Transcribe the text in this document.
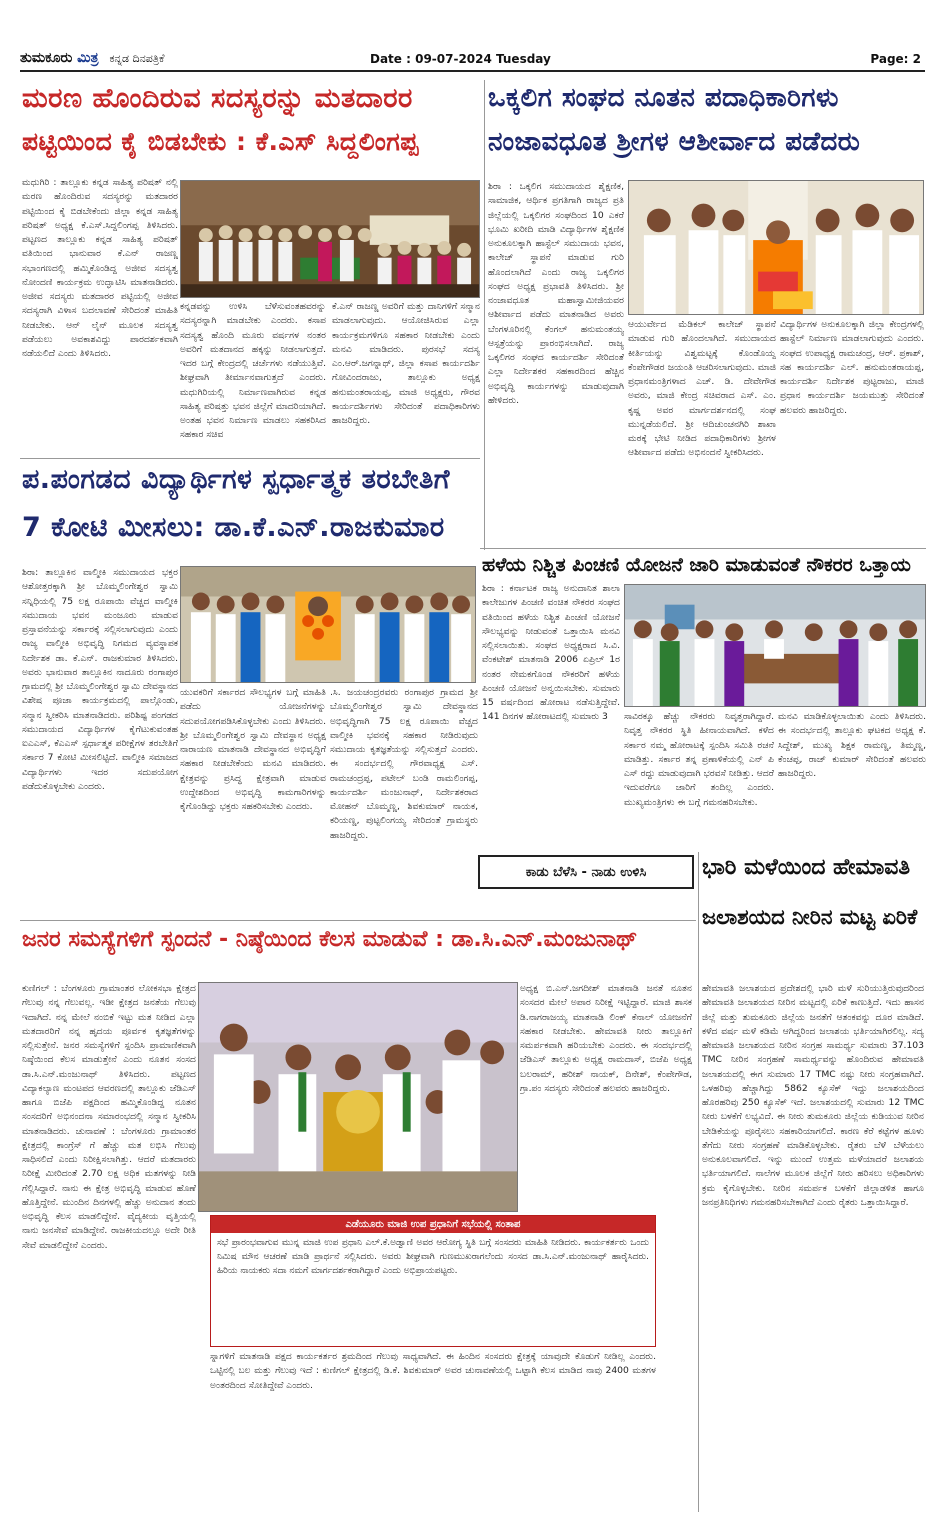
ತುಮಕೂರು ಮಿತ್ರ ಕನ್ನಡ ದಿನಪತ್ರಿಕೆ	Date : 09-07-2024 Tuesday	Page: 2
ಮರಣ ಹೊಂದಿರುವ ಸದಸ್ಯರನ್ನು ಮತದಾರರ
ಪಟ್ಟಿಯಿಂದ ಕೈ ಬಿಡಬೇಕು : ಕೆ.ಎಸ್ ಸಿದ್ದಲಿಂಗಪ್ಪ
ಮಧುಗಿರಿ : ತಾಲ್ಲೂಕು ಕನ್ನಡ ಸಾಹಿತ್ಯ ಪರಿಷತ್ ನಲ್ಲಿ ಮರಣ ಹೊಂದಿರುವ ಸದಸ್ಯರನ್ನು ಮತದಾರರ ಪಟ್ಟಿಯಿಂದ ಕೈ ಬಿಡಬೇಕೆಂದು ಜಿಲ್ಲಾ ಕನ್ನಡ ಸಾಹಿತ್ಯ ಪರಿಷತ್ ಅಧ್ಯಕ್ಷ ಕೆ.ಎಸ್.ಸಿದ್ದಲಿಂಗಪ್ಪ ತಿಳಿಸಿದರು. ಪಟ್ಟಣದ ತಾಲ್ಲೂಕು ಕನ್ನಡ ಸಾಹಿತ್ಯ ಪರಿಷತ್ ವತಿಯಿಂದ ಭಾನುವಾರ ಕೆ.ಎನ್ ರಾಜಣ್ಣ ಸಭಾಂಗಣದಲ್ಲಿ ಹಮ್ಮಿಕೊಂಡಿದ್ದ ಅಜೀವ ಸದಸ್ಯತ್ವ ನೋಂದಣಿ ಕಾರ್ಯಕ್ರಮ ಉದ್ಘಾಟಿಸಿ ಮಾತನಾಡಿದರು. ಅಜೀವ ಸದಸ್ಯರು ಮತದಾರರ ಪಟ್ಟಿಯಲ್ಲಿ ಅಜೀವ ಸದಸ್ಯರಾಗಿ ವಿಳಾಸ ಬದಲಾವಣೆ ಸೇರಿದಂತೆ ಮಾಹಿತಿ ನೀಡಬೇಕು. ಆನ್ ಲೈನ್ ಮೂಲಕ ಸದಸ್ಯತ್ವ ಪಡೆಯಲು ಅವಕಾಶವಿದ್ದು ಪಾರದರ್ಶಕವಾಗಿ ನಡೆಯಲಿದೆ ಎಂದು ತಿಳಿಸಿದರು.
ಕನ್ನಡವನ್ನು ಉಳಿಸಿ ಬೆಳೆಸುವಂತಹವರನ್ನು ಸದಸ್ಯರನ್ನಾಗಿ ಮಾಡಬೇಕು ಎಂದರು. ಕಸಾಪ ಸದಸ್ಯತ್ವ ಹೊಂದಿ ಮೂರು ವರ್ಷಗಳ ನಂತರ ಅವರಿಗೆ ಮತದಾನದ ಹಕ್ಕನ್ನು ನೀಡಲಾಗುತ್ತದೆ. ಇದರ ಬಗ್ಗೆ ಕೇಂದ್ರದಲ್ಲಿ ಚರ್ಚೆಗಳು ನಡೆಯುತ್ತಿವೆ. ಶೀಘ್ರವಾಗಿ ತೀರ್ಮಾನವಾಗುತ್ತದೆ ಎಂದರು. ಮಧುಗಿರಿಯಲ್ಲಿ ನಿರ್ಮಾಣವಾಗಿರುವ ಕನ್ನಡ ಸಾಹಿತ್ಯ ಪರಿಷತ್ತು ಭವನ ಜಿಲ್ಲೆಗೆ ಮಾದರಿಯಾಗಿದೆ. ಅಂತಹ ಭವನ ನಿರ್ಮಾಣ ಮಾಡಲು ಸಹಕರಿಸಿದ ಸಹಕಾರ ಸಚಿವ
ಕೆ.ಎನ್ ರಾಜಣ್ಣ ಅವರಿಗೆ ಮತ್ತು ದಾನಿಗಳಿಗೆ ಸನ್ಮಾನ ಮಾಡಲಾಗುವುದು. ಆಯೋಜಿಸಿರುವ ಎಲ್ಲಾ ಕಾರ್ಯಕ್ರಮಗಳಿಗೂ ಸಹಕಾರ ನೀಡಬೇಕು ಎಂದು ಮನವಿ ಮಾಡಿದರು. ಪುರಸಭೆ ಸದಸ್ಯ ಎಂ.ಆರ್.ಜಗನ್ನಾಥ್, ಜಿಲ್ಲಾ ಕಸಾಪ ಕಾರ್ಯದರ್ಶಿ ಗೋವಿಂದರಾಜು, ತಾಲ್ಲೂಕು ಅಧ್ಯಕ್ಷ ಹನುಮಂತರಾಯಪ್ಪ, ಮಾಜಿ ಅಧ್ಯಕ್ಷರು, ಗೌರವ ಕಾರ್ಯದರ್ಶಿಗಳು ಸೇರಿದಂತೆ ಪದಾಧಿಕಾರಿಗಳು ಹಾಜರಿದ್ದರು.
ಒಕ್ಕಲಿಗ ಸಂಘದ ನೂತನ ಪದಾಧಿಕಾರಿಗಳು
ನಂಜಾವಧೂತ ಶ್ರೀಗಳ ಆಶೀರ್ವಾದ ಪಡೆದರು
ಶಿರಾ : ಒಕ್ಕಲಿಗ ಸಮುದಾಯದ ಶೈಕ್ಷಣಿಕ, ಸಾಮಾಜಿಕ, ಆರ್ಥಿಕ ಪ್ರಗತಿಗಾಗಿ ರಾಜ್ಯದ ಪ್ರತಿ ಜಿಲ್ಲೆಯಲ್ಲಿ ಒಕ್ಕಲಿಗರ ಸಂಘದಿಂದ 10 ಎಕರೆ ಭೂಮಿ ಖರೀದಿ ಮಾಡಿ ವಿದ್ಯಾರ್ಥಿಗಳ ಶೈಕ್ಷಣಿಕ ಅನುಕೂಲಕ್ಕಾಗಿ ಹಾಸ್ಟೆಲ್ ಸಮುದಾಯ ಭವನ, ಕಾಲೇಜ್ ಸ್ಥಾಪನೆ ಮಾಡುವ ಗುರಿ ಹೊಂದಲಾಗಿದೆ ಎಂದು ರಾಜ್ಯ ಒಕ್ಕಲಿಗರ ಸಂಘದ ಅಧ್ಯಕ್ಷ ಪ್ರಭಾವತಿ ತಿಳಿಸಿದರು. ಶ್ರೀ ನಂಜಾವಧೂತ ಮಹಾಸ್ವಾಮೀಜಿಯವರ ಆಶೀರ್ವಾದ ಪಡೆದು ಮಾತನಾಡಿದ ಅವರು ಬೆಂಗಳೂರಿನಲ್ಲಿ ಕೆಂಗಲ್ ಹನುಮಂತಯ್ಯ ಆಸ್ಪತ್ರೆಯನ್ನು ಪ್ರಾರಂಭಿಸಲಾಗಿದೆ. ರಾಜ್ಯ ಒಕ್ಕಲಿಗರ ಸಂಘದ ಕಾರ್ಯದರ್ಶಿ ಸೇರಿದಂತೆ ಎಲ್ಲಾ ನಿರ್ದೇಶಕರ ಸಹಕಾರದಿಂದ ಹೆಚ್ಚಿನ ಅಭಿವೃದ್ಧಿ ಕಾರ್ಯಗಳನ್ನು ಮಾಡುವುದಾಗಿ ಹೇಳಿದರು.
ಆಯುರ್ವೇದ ಮೆಡಿಕಲ್ ಕಾಲೇಜ್ ಸ್ಥಾಪನೆ ಮಾಡುವ ಗುರಿ ಹೊಂದಲಾಗಿದೆ. ಸಮುದಾಯದ ಕೀರ್ತಿಯನ್ನು ವಿಶ್ವಮಟ್ಟಕ್ಕೆ ಕೊಂಡೊಯ್ದ ಕೆಂಪೇಗೌಡರ ಜಯಂತಿ ಆಚರಿಸಲಾಗುವುದು. ಮಾಜಿ ಪ್ರಧಾನಮಂತ್ರಿಗಳಾದ ಎಚ್. ಡಿ. ದೇವೇಗೌಡ ಅವರು, ಮಾಜಿ ಕೇಂದ್ರ ಸಚಿವರಾದ ಎಸ್. ಎಂ. ಕೃಷ್ಣ ಅವರ ಮಾರ್ಗದರ್ಶನದಲ್ಲಿ ಸಂಘ ಮುನ್ನಡೆಯಲಿದೆ. ಶ್ರೀ ಆದಿಚುಂಚನಗಿರಿ ಶಾಖಾ ಮಠಕ್ಕೆ ಭೇಟಿ ನೀಡಿದ ಪದಾಧಿಕಾರಿಗಳು ಶ್ರೀಗಳ ಆಶೀರ್ವಾದ ಪಡೆದು ಅಭಿನಂದನೆ ಸ್ವೀಕರಿಸಿದರು.
ವಿದ್ಯಾರ್ಥಿಗಳ ಅನುಕೂಲಕ್ಕಾಗಿ ಜಿಲ್ಲಾ ಕೇಂದ್ರಗಳಲ್ಲಿ ಹಾಸ್ಟೆಲ್ ನಿರ್ಮಾಣ ಮಾಡಲಾಗುವುದು ಎಂದರು. ಸಂಘದ ಉಪಾಧ್ಯಕ್ಷ ರಾಮಚಂದ್ರ, ಆರ್. ಪ್ರಕಾಶ್, ಸಹ ಕಾರ್ಯದರ್ಶಿ ಎಲ್. ಹನುಮಂತರಾಯಪ್ಪ, ಕಾರ್ಯದರ್ಶಿ ನಿರ್ದೇಶಕ ಪುಟ್ಟರಾಜು, ಮಾಜಿ ಪ್ರಧಾನ ಕಾರ್ಯದರ್ಶಿ ಜಯಮುತ್ತು ಸೇರಿದಂತೆ ಹಲವರು ಹಾಜರಿದ್ದರು.
ಪ.ಪಂಗಡದ ವಿದ್ಯಾರ್ಥಿಗಳ ಸ್ಪರ್ಧಾತ್ಮಕ ತರಬೇತಿಗೆ
7 ಕೋಟಿ ಮೀಸಲು: ಡಾ.ಕೆ.ಎನ್.ರಾಜಕುಮಾರ
ಶಿರಾ: ತಾಲ್ಲೂಕಿನ ವಾಲ್ಮೀಕಿ ಸಮುದಾಯದ ಭಕ್ತರ ಆಶೋತ್ತರಕ್ಕಾಗಿ ಶ್ರೀ ಬೊಮ್ಮಲಿಂಗೇಶ್ವರ ಸ್ವಾಮಿ ಸನ್ನಿಧಿಯಲ್ಲಿ 75 ಲಕ್ಷ ರೂಪಾಯಿ ವೆಚ್ಚದ ವಾಲ್ಮೀಕಿ ಸಮುದಾಯ ಭವನ ಮಂಜೂರು ಮಾಡುವ ಪ್ರಸ್ತಾವನೆಯನ್ನು ಸರ್ಕಾರಕ್ಕೆ ಸಲ್ಲಿಸಲಾಗುವುದು ಎಂದು ರಾಜ್ಯ ವಾಲ್ಮೀಕಿ ಅಭಿವೃದ್ಧಿ ನಿಗಮದ ವ್ಯವಸ್ಥಾಪಕ ನಿರ್ದೇಶಕ ಡಾ. ಕೆ.ಎನ್. ರಾಜಕುಮಾರ ತಿಳಿಸಿದರು. ಅವರು ಭಾನುವಾರ ತಾಲ್ಲೂಕಿನ ನಾದೂರು ರಂಗಾಪುರ ಗ್ರಾಮದಲ್ಲಿ ಶ್ರೀ ಬೊಮ್ಮಲಿಂಗೇಶ್ವರ ಸ್ವಾಮಿ ದೇವಸ್ಥಾನದ ವಿಶೇಷ ಪೂಜಾ ಕಾರ್ಯಕ್ರಮದಲ್ಲಿ ಪಾಲ್ಗೊಂಡು, ಸನ್ಮಾನ ಸ್ವೀಕರಿಸಿ ಮಾತನಾಡಿದರು. ಪರಿಶಿಷ್ಟ ಪಂಗಡದ ಸಮುದಾಯದ ವಿದ್ಯಾರ್ಥಿಗಳ ಕೈಗೆಟುಕುವಂತಹ ಐಎಎಸ್, ಕೆಎಎಸ್ ಸ್ಪರ್ಧಾತ್ಮಕ ಪರೀಕ್ಷೆಗಳ ತರಬೇತಿಗೆ ಸರ್ಕಾರ 7 ಕೋಟಿ ಮೀಸಲಿಟ್ಟಿದೆ. ವಾಲ್ಮೀಕಿ ಸಮಾಜದ ವಿದ್ಯಾರ್ಥಿಗಳು ಇದರ ಸದುಪಯೋಗ ಪಡೆದುಕೊಳ್ಳಬೇಕು ಎಂದರು.
ಯುವಕರಿಗೆ ಸರ್ಕಾರದ ಸೌಲಭ್ಯಗಳ ಬಗ್ಗೆ ಮಾಹಿತಿ ಪಡೆದು ಯೋಜನೆಗಳನ್ನು ಸದುಪಯೋಗಪಡಿಸಿಕೊಳ್ಳಬೇಕು ಎಂದು ತಿಳಿಸಿದರು. ಶ್ರೀ ಬೊಮ್ಮಲಿಂಗೇಶ್ವರ ಸ್ವಾಮಿ ದೇವಸ್ಥಾನ ಅಧ್ಯಕ್ಷ ನಾರಾಯಣ ಮಾತನಾಡಿ ದೇವಸ್ಥಾನದ ಅಭಿವೃದ್ಧಿಗೆ ಸಹಕಾರ ನೀಡಬೇಕೆಂದು ಮನವಿ ಮಾಡಿದರು. ಕ್ಷೇತ್ರವನ್ನು ಪ್ರಸಿದ್ಧ ಕ್ಷೇತ್ರವಾಗಿ ಮಾಡುವ ಉದ್ದೇಶದಿಂದ ಅಭಿವೃದ್ಧಿ ಕಾಮಗಾರಿಗಳನ್ನು ಕೈಗೊಂಡಿದ್ದು ಭಕ್ತರು ಸಹಕರಿಸಬೇಕು ಎಂದರು.
.ಸಿ. ಜಯಚಂದ್ರರವರು ರಂಗಾಪುರ ಗ್ರಾಮದ ಶ್ರೀ ಬೊಮ್ಮಲಿಂಗೇಶ್ವರ ಸ್ವಾಮಿ ದೇವಸ್ಥಾನದ ಅಭಿವೃದ್ಧಿಗಾಗಿ 75 ಲಕ್ಷ ರೂಪಾಯಿ ವೆಚ್ಚದ ವಾಲ್ಮೀಕಿ ಭವನಕ್ಕೆ ಸಹಕಾರ ನೀಡಿರುವುದು ಸಮುದಾಯ ಕೃತಜ್ಞತೆಯನ್ನು ಸಲ್ಲಿಸುತ್ತದೆ ಎಂದರು. ಈ ಸಂದರ್ಭದಲ್ಲಿ ಗೌರವಾಧ್ಯಕ್ಷ ಎಸ್. ರಾಮಚಂದ್ರಪ್ಪ, ಪಟೇಲ್ ಬಂಡಿ ರಾಮಲಿಂಗಪ್ಪ, ಕಾರ್ಯದರ್ಶಿ ಮಂಜುನಾಥ್, ನಿರ್ದೇಶಕರಾದ ಮೋಹನ್ ಬೊಮ್ಮಣ್ಣ, ಶಿವಕುಮಾರ್ ನಾಯಕ, ಕರಿಯಣ್ಣ, ಪುಟ್ಟಲಿಂಗಯ್ಯ ಸೇರಿದಂತೆ ಗ್ರಾಮಸ್ಥರು ಹಾಜರಿದ್ದರು.
ಹಳೆಯ ನಿಶ್ಚಿತ ಪಿಂಚಣಿ ಯೋಜನೆ ಜಾರಿ ಮಾಡುವಂತೆ ನೌಕರರ ಒತ್ತಾಯ
ಶಿರಾ : ಕರ್ನಾಟಕ ರಾಜ್ಯ ಅನುದಾನಿತ ಶಾಲಾ ಕಾಲೇಜುಗಳ ಪಿಂಚಣಿ ವಂಚಿತ ನೌಕರರ ಸಂಘದ ವತಿಯಿಂದ ಹಳೆಯ ನಿಶ್ಚಿತ ಪಿಂಚಣಿ ಯೋಜನೆ ಸೌಲಭ್ಯವನ್ನು ನೀಡುವಂತೆ ಒತ್ತಾಯಿಸಿ ಮನವಿ ಸಲ್ಲಿಸಲಾಯಿತು. ಸಂಘದ ಅಧ್ಯಕ್ಷರಾದ ಸಿ.ವಿ. ವೆಂಕಟೇಶ್ ಮಾತನಾಡಿ 2006 ಏಪ್ರಿಲ್ 1ರ ನಂತರ ನೇಮಕಗೊಂಡ ನೌಕರರಿಗೆ ಹಳೆಯ ಪಿಂಚಣಿ ಯೋಜನೆ ಅನ್ವಯಿಸಬೇಕು. ಸುಮಾರು 15 ವರ್ಷದಿಂದ ಹೋರಾಟ ನಡೆಸುತ್ತಿದ್ದೇವೆ. 141 ದಿನಗಳ ಹೋರಾಟದಲ್ಲಿ ಸುಮಾರು 3	ಸಾವಿರಕ್ಕೂ ಹೆಚ್ಚು ನೌಕರರು ನಿವೃತ್ತರಾಗಿದ್ದಾರೆ. ನಿವೃತ್ತ ನೌಕರರ ಸ್ಥಿತಿ ಹೀನಾಯವಾಗಿದೆ. ಕಳೆದ ಸರ್ಕಾರ ನಮ್ಮ ಹೋರಾಟಕ್ಕೆ ಸ್ಪಂದಿಸಿ ಸಮಿತಿ ರಚನೆ ಮಾಡಿತ್ತು. ಸರ್ಕಾರ ತನ್ನ ಪ್ರಣಾಳಿಕೆಯಲ್ಲಿ ಎನ್ ಪಿ ಎಸ್ ರದ್ದು ಮಾಡುವುದಾಗಿ ಭರವಸೆ ನೀಡಿತ್ತು. ಆದರೆ ಇದುವರೆಗೂ ಜಾರಿಗೆ ತಂದಿಲ್ಲ ಎಂದರು. ಮುಖ್ಯಮಂತ್ರಿಗಳು ಈ ಬಗ್ಗೆ ಗಮನಹರಿಸಬೇಕು.
ಮನವಿ ಮಾಡಿಕೊಳ್ಳಲಾಯಿತು ಎಂದು ತಿಳಿಸಿದರು. ಈ ಸಂದರ್ಭದಲ್ಲಿ ತಾಲ್ಲೂಕು ಘಟಕದ ಅಧ್ಯಕ್ಷ ಕೆ. ಸಿದ್ದೇಶ್, ಮುಖ್ಯ ಶಿಕ್ಷಕ ರಾಮಣ್ಣ, ತಿಮ್ಮಣ್ಣ, ಕೆಂಚಪ್ಪ, ರಾಜ್ ಕುಮಾರ್ ಸೇರಿದಂತೆ ಹಲವರು ಹಾಜರಿದ್ದರು.
ಕಾಡು ಬೆಳೆಸಿ - ನಾಡು ಉಳಿಸಿ	ಭಾರಿ ಮಳೆಯಿಂದ ಹೇಮಾವತಿ
ಜಲಾಶಯದ ನೀರಿನ ಮಟ್ಟ ಏರಿಕೆ
ಜನರ ಸಮಸ್ಯೆಗಳಿಗೆ ಸ್ಪಂದನೆ - ನಿಷ್ಠೆಯಿಂದ ಕೆಲಸ ಮಾಡುವೆ : ಡಾ.ಸಿ.ಎನ್.ಮಂಜುನಾಥ್
ಕುಣಿಗಲ್ : ಬೆಂಗಳೂರು ಗ್ರಾಮಾಂತರ ಲೋಕಸಭಾ ಕ್ಷೇತ್ರದ ಗೆಲುವು ನನ್ನ ಗೆಲುವಲ್ಲ. ಇಡೀ ಕ್ಷೇತ್ರದ ಜನತೆಯ ಗೆಲುವು ಇದಾಗಿದೆ. ನನ್ನ ಮೇಲೆ ನಂಬಿಕೆ ಇಟ್ಟು ಮತ ನೀಡಿದ ಎಲ್ಲಾ ಮತದಾರರಿಗೆ ನನ್ನ ಹೃದಯ ಪೂರ್ವಕ ಕೃತಜ್ಞತೆಗಳನ್ನು ಸಲ್ಲಿಸುತ್ತೇನೆ. ಜನರ ಸಮಸ್ಯೆಗಳಿಗೆ ಸ್ಪಂದಿಸಿ ಪ್ರಾಮಾಣಿಕವಾಗಿ ನಿಷ್ಠೆಯಿಂದ ಕೆಲಸ ಮಾಡುತ್ತೇನೆ ಎಂದು ನೂತನ ಸಂಸದ ಡಾ.ಸಿ.ಎನ್.ಮಂಜುನಾಥ್ ತಿಳಿಸಿದರು. ಪಟ್ಟಣದ ವಿದ್ಯಾಕಲ್ಯಾಣ ಮಂಟಪದ ಆವರಣದಲ್ಲಿ ತಾಲ್ಲೂಕು ಜೆಡಿಎಸ್ ಹಾಗೂ ಬಿಜೆಪಿ ಪಕ್ಷದಿಂದ ಹಮ್ಮಿಕೊಂಡಿದ್ದ ನೂತನ ಸಂಸದರಿಗೆ ಅಭಿನಂದನಾ ಸಮಾರಂಭದಲ್ಲಿ ಸನ್ಮಾನ ಸ್ವೀಕರಿಸಿ ಮಾತನಾಡಿದರು. ಚುನಾವಣೆ : ಬೆಂಗಳೂರು ಗ್ರಾಮಾಂತರ ಕ್ಷೇತ್ರದಲ್ಲಿ ಕಾಂಗ್ರೆಸ್ ಗೆ ಹೆಚ್ಚು ಮತ ಲಭಿಸಿ ಗೆಲುವು ಸಾಧಿಸಲಿದೆ ಎಂದು ನಿರೀಕ್ಷಿಸಲಾಗಿತ್ತು. ಆದರೆ ಮತದಾರರು ನಿರೀಕ್ಷೆ ಮೀರಿದಂತೆ 2.70 ಲಕ್ಷ ಅಧಿಕ ಮತಗಳನ್ನು ನೀಡಿ ಗೆಲ್ಲಿಸಿದ್ದಾರೆ. ನಾನು ಈ ಕ್ಷೇತ್ರ ಅಭಿವೃದ್ಧಿ ಮಾಡುವ ಹೊಣೆ ಹೊತ್ತಿದ್ದೇನೆ. ಮುಂದಿನ ದಿನಗಳಲ್ಲಿ ಹೆಚ್ಚು ಅನುದಾನ ತಂದು ಅಭಿವೃದ್ಧಿ ಕೆಲಸ ಮಾಡಲಿದ್ದೇನೆ. ವೈದ್ಯಕೀಯ ವೃತ್ತಿಯಲ್ಲಿ ನಾನು ಜನಸೇವೆ ಮಾಡಿದ್ದೇನೆ. ರಾಜಕೀಯದಲ್ಲೂ ಅದೇ ರೀತಿ ಸೇವೆ ಮಾಡಲಿದ್ದೇನೆ ಎಂದರು.
ಎಡೆಯೂರು ಮಾಜಿ ಉಪ ಪ್ರಧಾನಿಗೆ ಸಭೆಯಲ್ಲಿ ಸಂತಾಪ
ಸಭೆ ಪ್ರಾರಂಭವಾಗುವ ಮುನ್ನ ಮಾಜಿ ಉಪ ಪ್ರಧಾನಿ ಎಲ್.ಕೆ.ಅಡ್ವಾಣಿ ಅವರ ಆರೋಗ್ಯ ಸ್ಥಿತಿ ಬಗ್ಗೆ ಸಂಸದರು ಮಾಹಿತಿ ನೀಡಿದರು. ಕಾರ್ಯಕರ್ತರು ಒಂದು ನಿಮಿಷ ಮೌನ ಆಚರಣೆ ಮಾಡಿ ಪ್ರಾರ್ಥನೆ ಸಲ್ಲಿಸಿದರು. ಅವರು ಶೀಘ್ರವಾಗಿ ಗುಣಮುಖರಾಗಲೆಂದು ಸಂಸದ ಡಾ.ಸಿ.ಎನ್.ಮಂಜುನಾಥ್ ಹಾರೈಸಿದರು. ಹಿರಿಯ ನಾಯಕರು ಸದಾ ನಮಗೆ ಮಾರ್ಗದರ್ಶಕರಾಗಿದ್ದಾರೆ ಎಂದು ಅಭಿಪ್ರಾಯಪಟ್ಟರು.
ಸ್ನಾಗಳಿಗೆ ಮಾತನಾಡಿ ಪಕ್ಷದ ಕಾರ್ಯಕರ್ತರ ಶ್ರಮದಿಂದ ಗೆಲುವು ಸಾಧ್ಯವಾಗಿದೆ. ಈ ಹಿಂದಿನ ಸಂಸದರು ಕ್ಷೇತ್ರಕ್ಕೆ ಯಾವುದೇ ಕೊಡುಗೆ ನೀಡಿಲ್ಲ ಎಂದರು. ಒಟ್ಟಿನಲ್ಲಿ ಬಲ ಮತ್ತು ಗೆಲುವು ಇದೆ : ಕುಣಿಗಲ್ ಕ್ಷೇತ್ರದಲ್ಲಿ ಡಿ.ಕೆ. ಶಿವಕುಮಾರ್ ಅವರ ಚುನಾವಣೆಯಲ್ಲಿ ಒಟ್ಟಾಗಿ ಕೆಲಸ ಮಾಡಿದ ನಾವು 2400 ಮತಗಳ ಅಂತರದಿಂದ ಸೋತಿದ್ದೇವೆ ಎಂದರು.
ಅಧ್ಯಕ್ಷ ಬಿ.ಎನ್.ಜಗದೀಶ್ ಮಾತನಾಡಿ ಜನತೆ ನೂತನ ಸಂಸದರ ಮೇಲೆ ಅಪಾರ ನಿರೀಕ್ಷೆ ಇಟ್ಟಿದ್ದಾರೆ. ಮಾಜಿ ಶಾಸಕ ಡಿ.ನಾಗರಾಜಯ್ಯ ಮಾತನಾಡಿ ಲಿಂಕ್ ಕೆನಾಲ್ ಯೋಜನೆಗೆ ಸಹಕಾರ ನೀಡಬೇಕು. ಹೇಮಾವತಿ ನೀರು ತಾಲ್ಲೂಕಿಗೆ ಸಮರ್ಪಕವಾಗಿ ಹರಿಯಬೇಕು ಎಂದರು. ಈ ಸಂದರ್ಭದಲ್ಲಿ ಜೆಡಿಎಸ್ ತಾಲ್ಲೂಕು ಅಧ್ಯಕ್ಷ ರಾಮದಾಸ್, ಬಿಜೆಪಿ ಅಧ್ಯಕ್ಷ ಬಲರಾಮ್, ಹರೀಶ್ ನಾಯಕ್, ದಿನೇಶ್, ಕೆಂಪೇಗೌಡ, ಗ್ರಾ.ಪಂ ಸದಸ್ಯರು ಸೇರಿದಂತೆ ಹಲವರು ಹಾಜರಿದ್ದರು.
ಹೇಮಾವತಿ ಜಲಾಶಯದ ಪ್ರದೇಶದಲ್ಲಿ ಭಾರಿ ಮಳೆ ಸುರಿಯುತ್ತಿರುವುದರಿಂದ ಹೇಮಾವತಿ ಜಲಾಶಯದ ನೀರಿನ ಮಟ್ಟದಲ್ಲಿ ಏರಿಕೆ ಕಾಣುತ್ತಿದೆ. ಇದು ಹಾಸನ ಜಿಲ್ಲೆ ಮತ್ತು ತುಮಕೂರು ಜಿಲ್ಲೆಯ ಜನತೆಗೆ ಆತಂಕವನ್ನು ದೂರ ಮಾಡಿದೆ. ಕಳೆದ ವರ್ಷ ಮಳೆ ಕಡಿಮೆ ಆಗಿದ್ದರಿಂದ ಜಲಾಶಯ ಭರ್ತಿಯಾಗಿರಲಿಲ್ಲ. ಸದ್ಯ ಹೇಮಾವತಿ ಜಲಾಶಯದ ನೀರಿನ ಸಂಗ್ರಹ ಸಾಮರ್ಥ್ಯ ಸುಮಾರು 37.103 TMC ನೀರಿನ ಸಂಗ್ರಹಣೆ ಸಾಮರ್ಥ್ಯವನ್ನು ಹೊಂದಿರುವ ಹೇಮಾವತಿ ಜಲಾಶಯದಲ್ಲಿ ಈಗ ಸುಮಾರು 17 TMC ನಷ್ಟು ನೀರು ಸಂಗ್ರಹವಾಗಿದೆ. ಒಳಹರಿವು ಹೆಚ್ಚಾಗಿದ್ದು 5862 ಕ್ಯೂಸೆಕ್ ಇದ್ದು ಜಲಾಶಯದಿಂದ ಹೊರಹರಿವು 250 ಕ್ಯೂಸೆಕ್ ಇದೆ. ಜಲಾಶಯದಲ್ಲಿ ಸುಮಾರು 12 TMC ನೀರು ಬಳಕೆಗೆ ಲಭ್ಯವಿದೆ. ಈ ನೀರು ತುಮಕೂರು ಜಿಲ್ಲೆಯ ಕುಡಿಯುವ ನೀರಿನ ಬೇಡಿಕೆಯನ್ನು ಪೂರೈಸಲು ಸಹಕಾರಿಯಾಗಲಿದೆ. ಕಾರಣ ಕೆರೆ ಕಟ್ಟೆಗಳ ಹೂಳು ತೆಗೆದು ನೀರು ಸಂಗ್ರಹಣೆ ಮಾಡಿಕೊಳ್ಳಬೇಕು. ರೈತರು ಬೆಳೆ ಬೆಳೆಯಲು ಅನುಕೂಲವಾಗಲಿದೆ. ಇನ್ನು ಮುಂದೆ ಉತ್ತಮ ಮಳೆಯಾದರೆ ಜಲಾಶಯ ಭರ್ತಿಯಾಗಲಿದೆ. ನಾಲೆಗಳ ಮೂಲಕ ಜಿಲ್ಲೆಗೆ ನೀರು ಹರಿಸಲು ಅಧಿಕಾರಿಗಳು ಕ್ರಮ ಕೈಗೊಳ್ಳಬೇಕು. ನೀರಿನ ಸಮರ್ಪಕ ಬಳಕೆಗೆ ಜಿಲ್ಲಾಡಳಿತ ಹಾಗೂ ಜನಪ್ರತಿನಿಧಿಗಳು ಗಮನಹರಿಸಬೇಕಾಗಿದೆ ಎಂದು ರೈತರು ಒತ್ತಾಯಿಸಿದ್ದಾರೆ.
